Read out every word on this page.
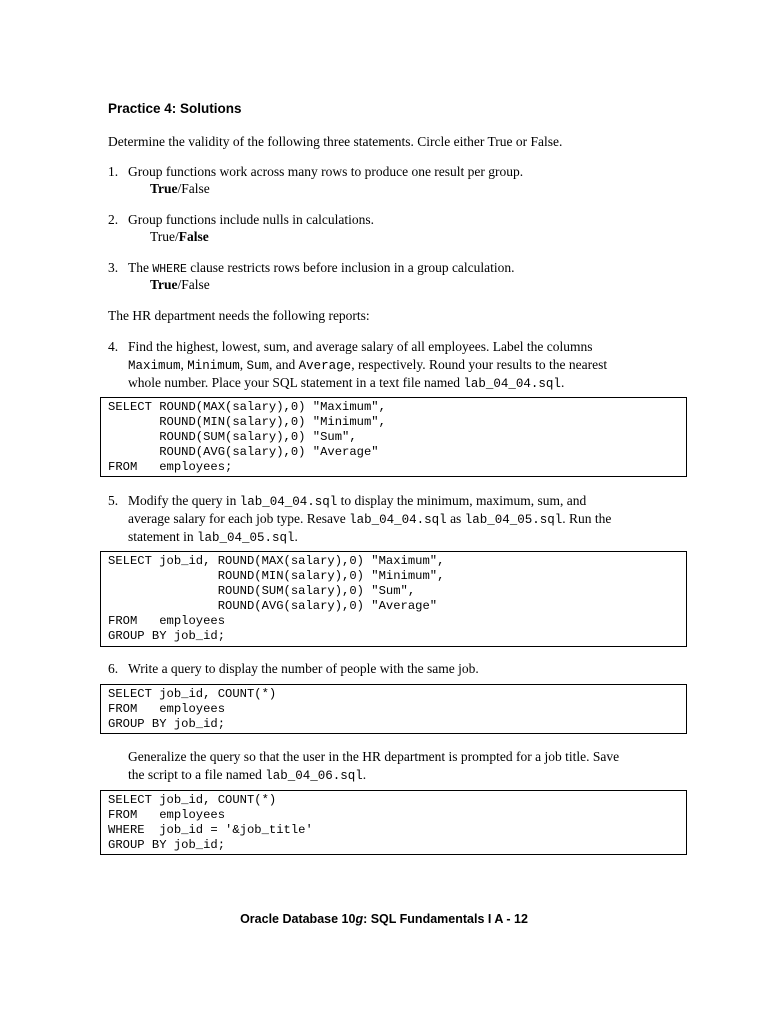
Practice 4: Solutions
Determine the validity of the following three statements. Circle either True or False.
1. Group functions work across many rows to produce one result per group.
True/False
2. Group functions include nulls in calculations.
True/False
3. The WHERE clause restricts rows before inclusion in a group calculation.
True/False
The HR department needs the following reports:
4. Find the highest, lowest, sum, and average salary of all employees. Label the columns
Maximum, Minimum, Sum, and Average, respectively. Round your results to the nearest
whole number. Place your SQL statement in a text file named lab_04_04.sql.
SELECT ROUND(MAX(salary),0) "Maximum",
ROUND(MIN(salary),0) "Minimum",
ROUND(SUM(salary),0) "Sum",
ROUND(AVG(salary),0) "Average"
FROM   employees;
5. Modify the query in lab_04_04.sql to display the minimum, maximum, sum, and
average salary for each job type. Resave lab_04_04.sql as lab_04_05.sql. Run the
statement in lab_04_05.sql.
SELECT job_id, ROUND(MAX(salary),0) "Maximum",
ROUND(MIN(salary),0) "Minimum",
ROUND(SUM(salary),0) "Sum",
ROUND(AVG(salary),0) "Average"
FROM   employees
GROUP BY job_id;
6. Write a query to display the number of people with the same job.
SELECT job_id, COUNT(*)
FROM   employees
GROUP BY job_id;
Generalize the query so that the user in the HR department is prompted for a job title. Save
the script to a file named lab_04_06.sql.
SELECT job_id, COUNT(*)
FROM   employees
WHERE  job_id = '&job_title'
GROUP BY job_id;
Oracle Database 10g: SQL Fundamentals I A - 12
